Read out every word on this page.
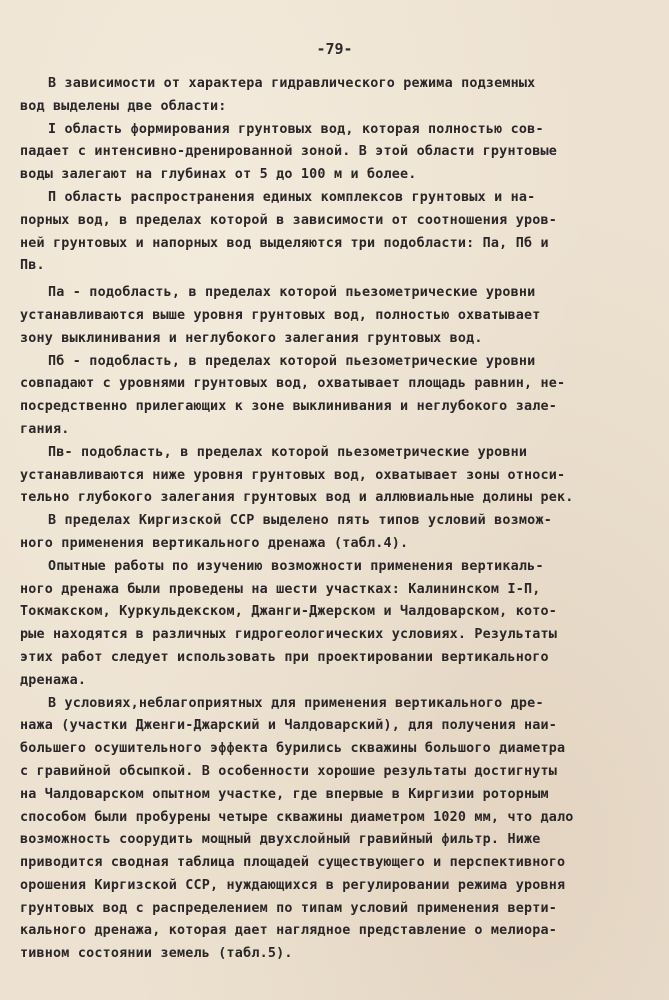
-79-
В зависимости от характера гидравлического режима подземных
вод выделены две области:
I область формирования грунтовых вод, которая полностью сов-
падает с интенсивно-дренированной зоной. В этой области грунтовые
воды залегают на глубинах от 5 до 100 м и более.
П область распространения единых комплексов грунтовых и на-
порных вод, в пределах которой в зависимости от соотношения уров-
ней грунтовых и напорных вод выделяются три подобласти: Па, Пб и
Пв.
Па - подобласть, в пределах которой пьезометрические уровни
устанавливаются выше уровня грунтовых вод, полностью охватывает
зону выклинивания и неглубокого залегания грунтовых вод.
Пб - подобласть, в пределах которой пьезометрические уровни
совпадают с уровнями грунтовых вод, охватывает площадь равнин, не-
посредственно прилегающих к зоне выклинивания и неглубокого зале-
гания.
Пв- подобласть, в пределах которой пьезометрические уровни
устанавливаются ниже уровня грунтовых вод, охватывает зоны относи-
тельно глубокого залегания грунтовых вод и аллювиальные долины рек.
В пределах Киргизской ССР выделено пять типов условий возмож-
ного применения вертикального дренажа (табл.4).
Опытные работы по изучению возможности применения вертикаль-
ного дренажа были проведены на шести участках: Калининском I-П,
Токмакском, Куркульдекском, Джанги-Джерском и Чалдоварском, кото-
рые находятся в различных гидрогеологических условиях. Результаты
этих работ следует использовать при проектировании вертикального
дренажа.
В условиях,неблагоприятных для применения вертикального дре-
нажа (участки Дженги-Джарский и Чалдоварский), для получения наи-
большего осушительного эффекта бурились скважины большого диаметра
с гравийной обсыпкой. В особенности хорошие результаты достигнуты
на Чалдоварском опытном участке, где впервые в Киргизии роторным
способом были пробурены четыре скважины диаметром 1020 мм, что дало
возможность соорудить мощный двухслойный гравийный фильтр. Ниже
приводится сводная таблица площадей существующего и перспективного
орошения Киргизской ССР, нуждающихся в регулировании режима уровня
грунтовых вод с распределением по типам условий применения верти-
кального дренажа, которая дает наглядное представление о мелиора-
тивном состоянии земель (табл.5).
